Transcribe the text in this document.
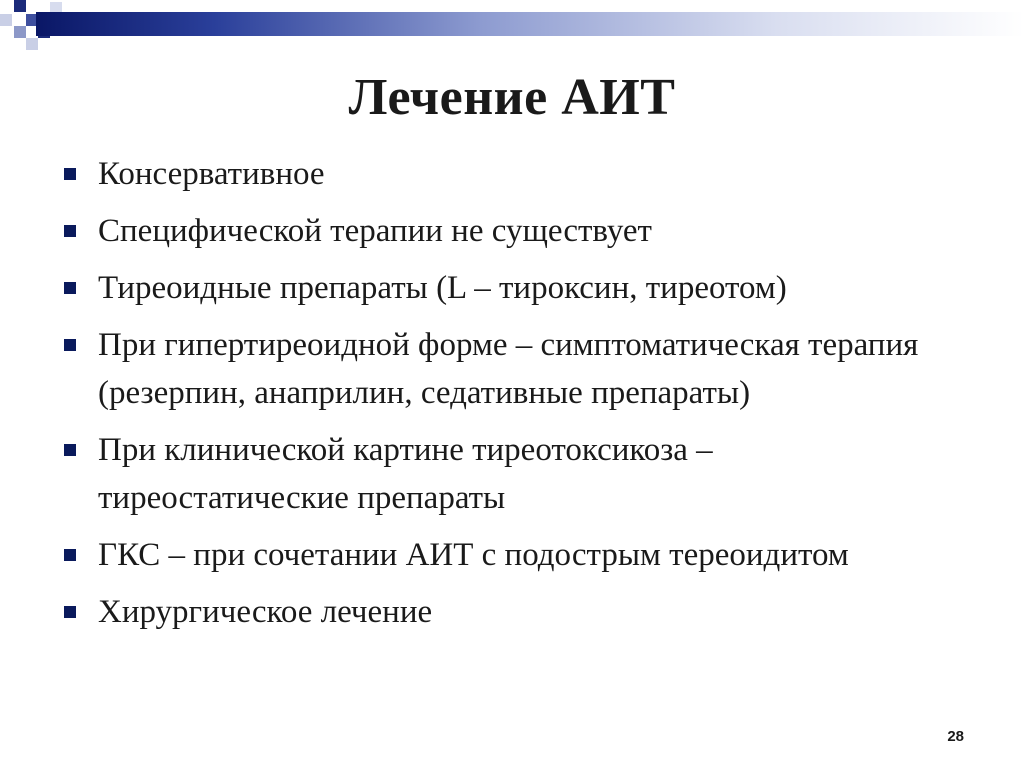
Лечение АИТ
Консервативное
Специфической терапии не существует
Тиреоидные препараты (L – тироксин, тиреотом)
При гипертиреоидной форме – симптоматическая терапия (резерпин, анаприлин, седативные препараты)
При клинической картине тиреотоксикоза – тиреостатические препараты
ГКС – при сочетании АИТ с подострым тереоидитом
Хирургическое лечение
28
